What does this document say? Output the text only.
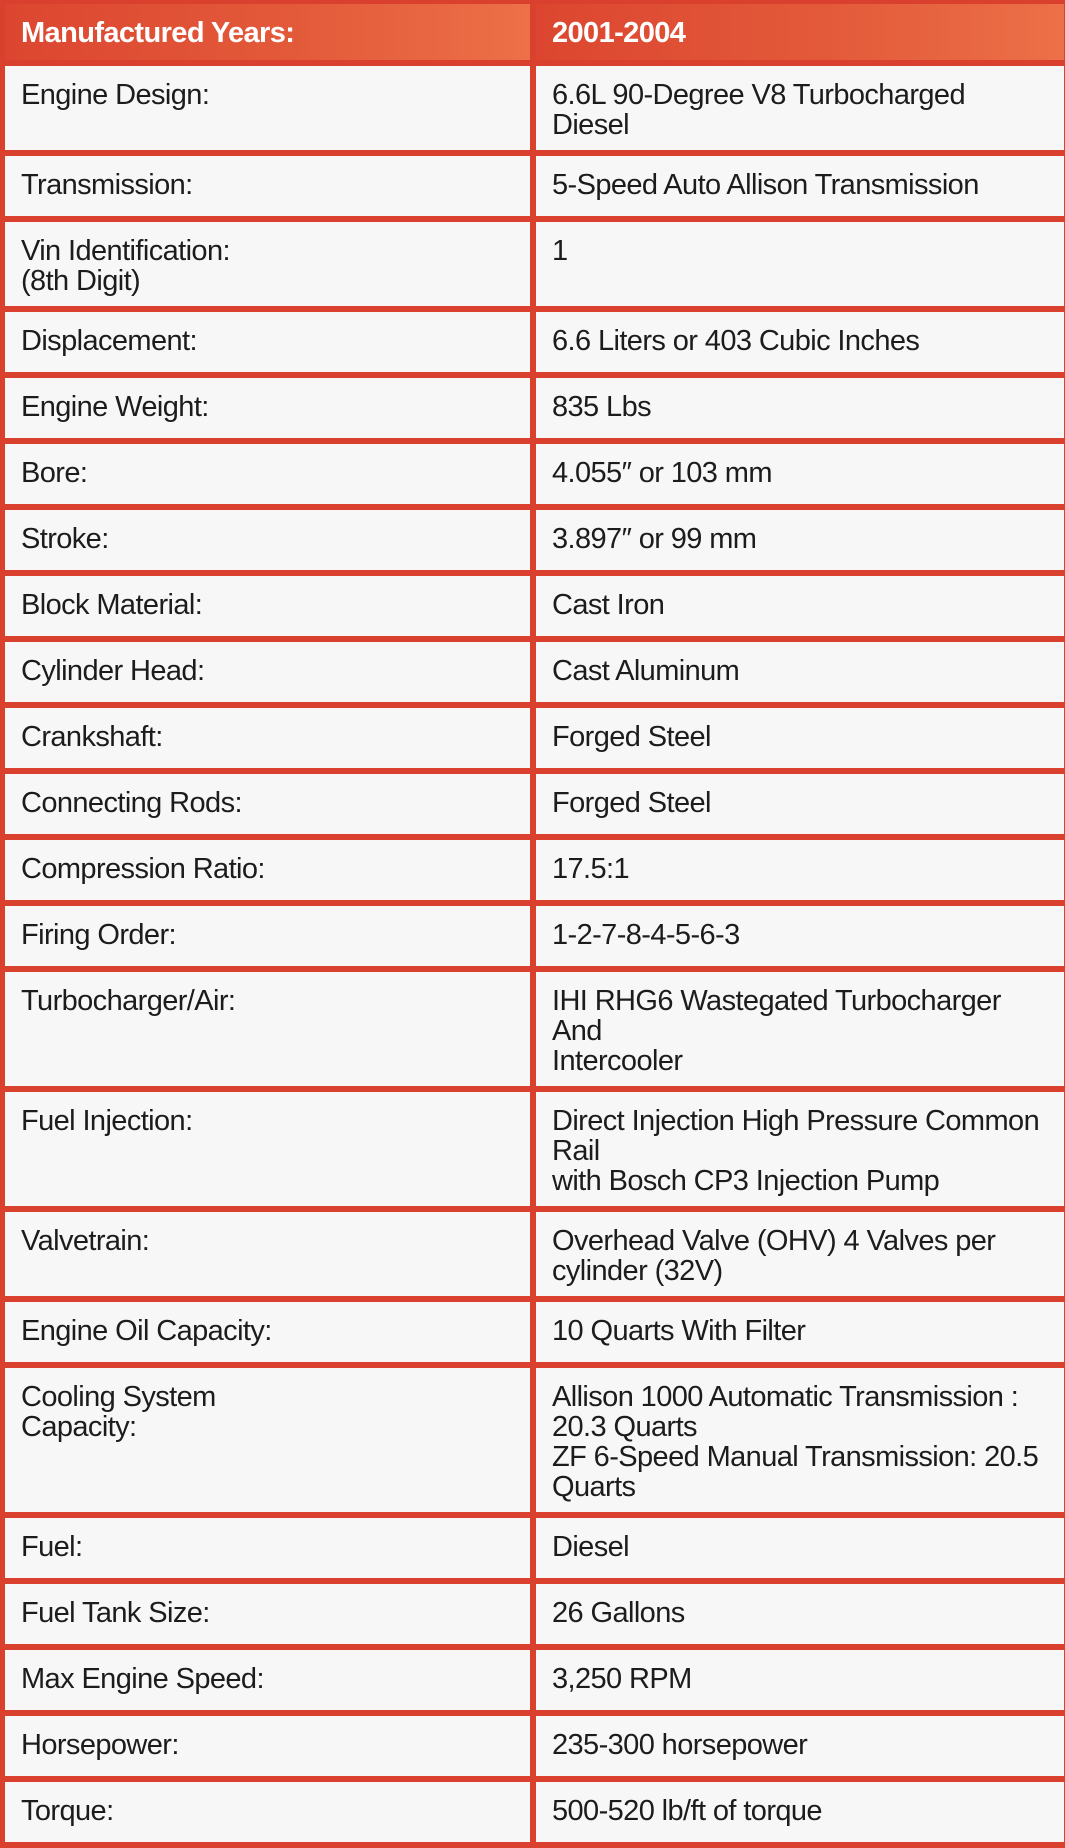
Manufactured Years:	2001-2004

Engine Design:	6.6L 90-Degree V8 Turbocharged Diesel

Transmission:	5-Speed Auto Allison Transmission

Vin Identification:
(8th Digit)	1

Displacement:	6.6 Liters or 403 Cubic Inches

Engine Weight:	835 Lbs

Bore:	4.055″ or 103 mm

Stroke:	3.897″ or 99 mm

Block Material:	Cast Iron

Cylinder Head:	Cast Aluminum

Crankshaft:	Forged Steel

Connecting Rods:	Forged Steel

Compression Ratio:	17.5:1

Firing Order:	1-2-7-8-4-5-6-3

Turbocharger/Air:	IHI RHG6 Wastegated Turbocharger And
Intercooler

Fuel Injection:	Direct Injection High Pressure Common
Rail
with Bosch CP3 Injection Pump

Valvetrain:	Overhead Valve (OHV) 4 Valves per
cylinder (32V)

Engine Oil Capacity:	10 Quarts With Filter

Cooling System
Capacity:	Allison 1000 Automatic Transmission :
20.3 Quarts
ZF 6-Speed Manual Transmission: 20.5
Quarts

Fuel:	Diesel

Fuel Tank Size:	26 Gallons

Max Engine Speed:	3,250 RPM

Horsepower:	235-300 horsepower

Torque:	500-520 lb/ft of torque
